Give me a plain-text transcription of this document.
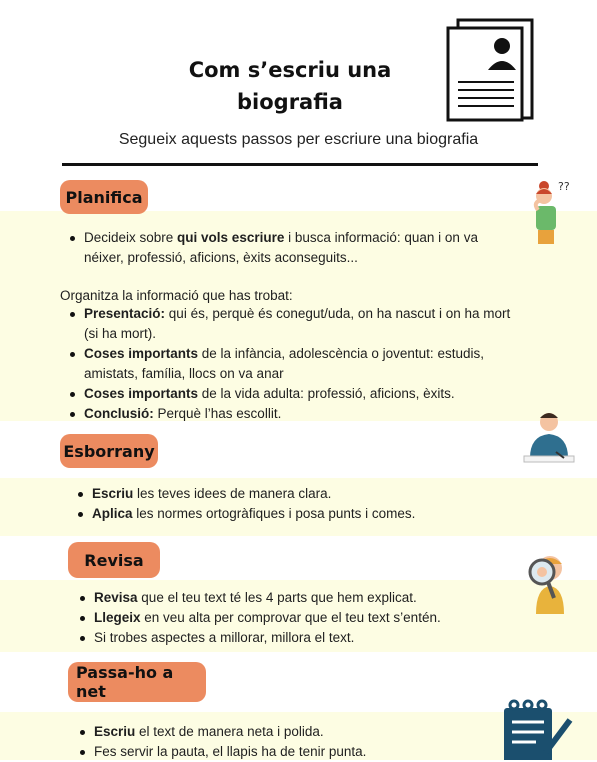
Com s’escriu una
biografia
Segueix aquests passos per escriure una biografia
Planifica
??
Decideix sobre qui vols escriure i busca informació: quan i on va néixer, professió, aficions, èxits aconseguits...
Organitza la informació que has trobat:
Presentació: qui és, perquè és conegut/uda, on ha nascut i on ha mort (si ha mort).
Coses importants de la infància, adolescència o joventut: estudis, amistats, família, llocs on va anar
Coses importants de la vida adulta: professió, aficions, èxits.
Conclusió: Perquè l’has escollit.
Esborrany
Escriu les teves idees de manera clara.
Aplica les normes ortogràfiques i posa punts i comes.
Revisa
Revisa que el teu text té les 4 parts que hem explicat.
Llegeix en veu alta per comprovar que el teu text s’entén.
Si trobes aspectes a millorar, millora el text.
Passa-ho a net
Escriu el text de manera neta i polida.
Fes servir la pauta, el llapis ha de tenir punta.
